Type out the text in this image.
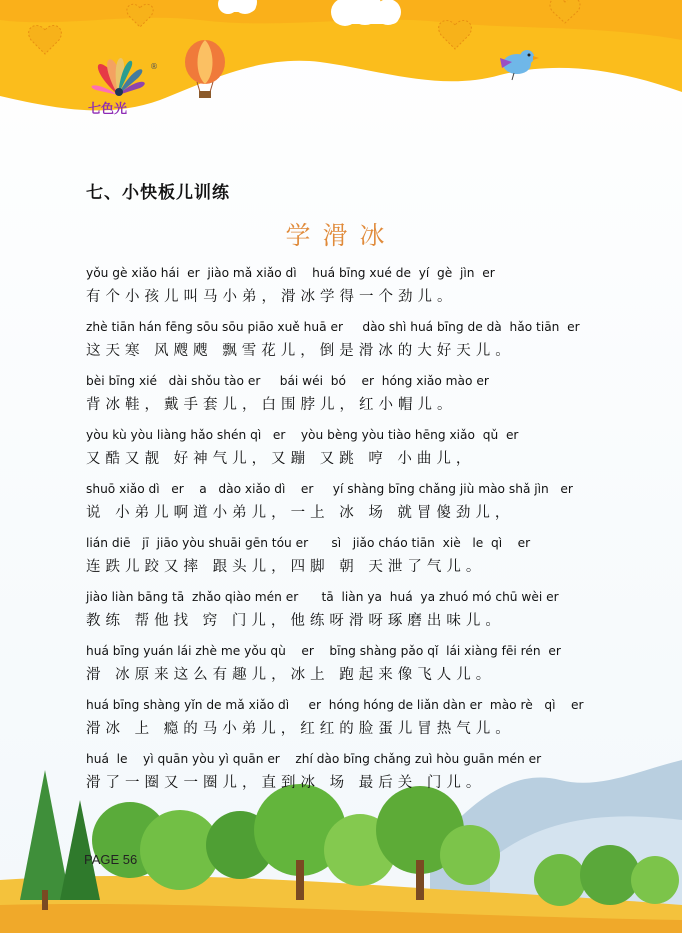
®
七色光
七、小快板儿训练
学滑冰
yǒu gè xiǎo hái  er  jiào mǎ xiǎo dì    huá bīng xué de  yí  gè  jìn  er
有个小孩儿叫马小弟，滑冰学得一个劲儿。
zhè tiān hán fēng sōu sōu piāo xuě huā er     dào shì huá bīng de dà  hǎo tiān  er
这天寒 风飕飕 飘雪花儿，倒是滑冰的大好天儿。
bèi bīng xié   dài shǒu tào er     bái wéi  bó    er  hóng xiǎo mào er
背冰鞋，戴手套儿，白围脖儿，红小帽儿。
yòu kù yòu liàng hǎo shén qì   er    yòu bèng yòu tiào hēng xiǎo  qǔ  er
又酷又靓 好神气儿，又蹦 又跳 哼 小曲儿，
shuō xiǎo dì   er    a   dào xiǎo dì    er     yí shàng bīng chǎng jiù mào shǎ jìn   er
说 小弟儿啊道小弟儿，一上 冰 场 就冒傻劲儿，
lián diē   jī  jiāo yòu shuāi gēn tóu er      sì   jiǎo cháo tiān  xiè   le  qì    er
连跌儿跤又摔 跟头儿，四脚 朝 天泄了气儿。
jiào liàn bāng tā  zhǎo qiào mén er      tā  liàn ya  huá  ya zhuó mó chū wèi er
教练 帮他找 窍 门儿，他练呀滑呀琢磨出味儿。
huá bīng yuán lái zhè me yǒu qù    er    bīng shàng pǎo qǐ  lái xiàng fēi rén  er
滑 冰原来这么有趣儿，冰上 跑起来像飞人儿。
huá bīng shàng yǐn de mǎ xiǎo dì     er  hóng hóng de liǎn dàn er  mào rè   qì    er
滑冰 上 瘾的马小弟儿，红红的脸蛋儿冒热气儿。
huá  le    yì quān yòu yì quān er    zhí dào bīng chǎng zuì hòu guān mén er
滑了一圈又一圈儿，直到冰 场 最后关 门儿。
PAGE 56
